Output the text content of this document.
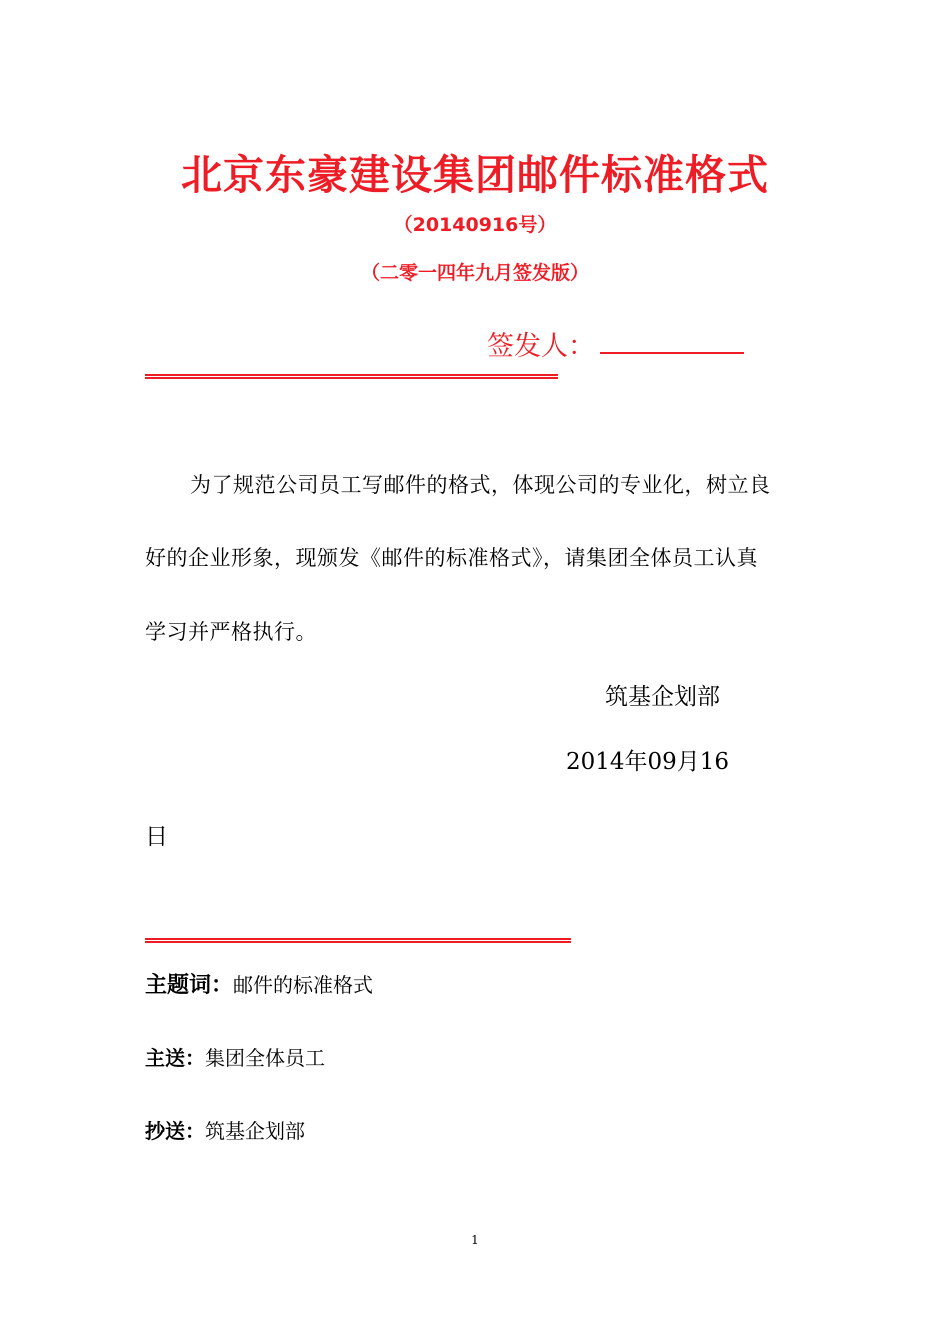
北京东豪建设集团邮件标准格式
（20140916号）
（二零一四年九月签发版）
签发人：
为了规范公司员工写邮件的格式，体现公司的专业化，树立良
好的企业形象，现颁发《邮件的标准格式》，请集团全体员工认真
学习并严格执行。
筑基企划部
2014年09月16
日
主题词：邮件的标准格式
主送：集团全体员工
抄送：筑基企划部
1
